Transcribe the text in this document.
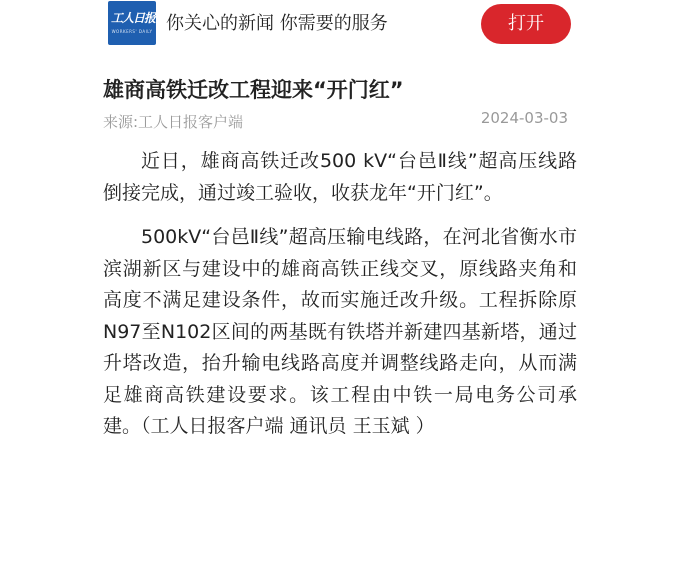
工人日报
WORKERS' DAILY 你关心的新闻 你需要的服务	打开
雄商高铁迁改工程迎来“开门红”
来源:工人日报客户端	2024-03-03

近日，雄商高铁迁改500 kV“台邑Ⅱ线”超高压线路倒接完成，通过竣工验收，收获龙年“开门红”。

500kV“台邑Ⅱ线”超高压输电线路，在河北省衡水市滨湖新区与建设中的雄商高铁正线交叉，原线路夹角和高度不满足建设条件，故而实施迁改升级。工程拆除原N97至N102区间的两基既有铁塔并新建四基新塔，通过升塔改造，抬升输电线路高度并调整线路走向，从而满足雄商高铁建设要求。该工程由中铁一局电务公司承建。（工人日报客户端 通讯员 王玉斌 ）
